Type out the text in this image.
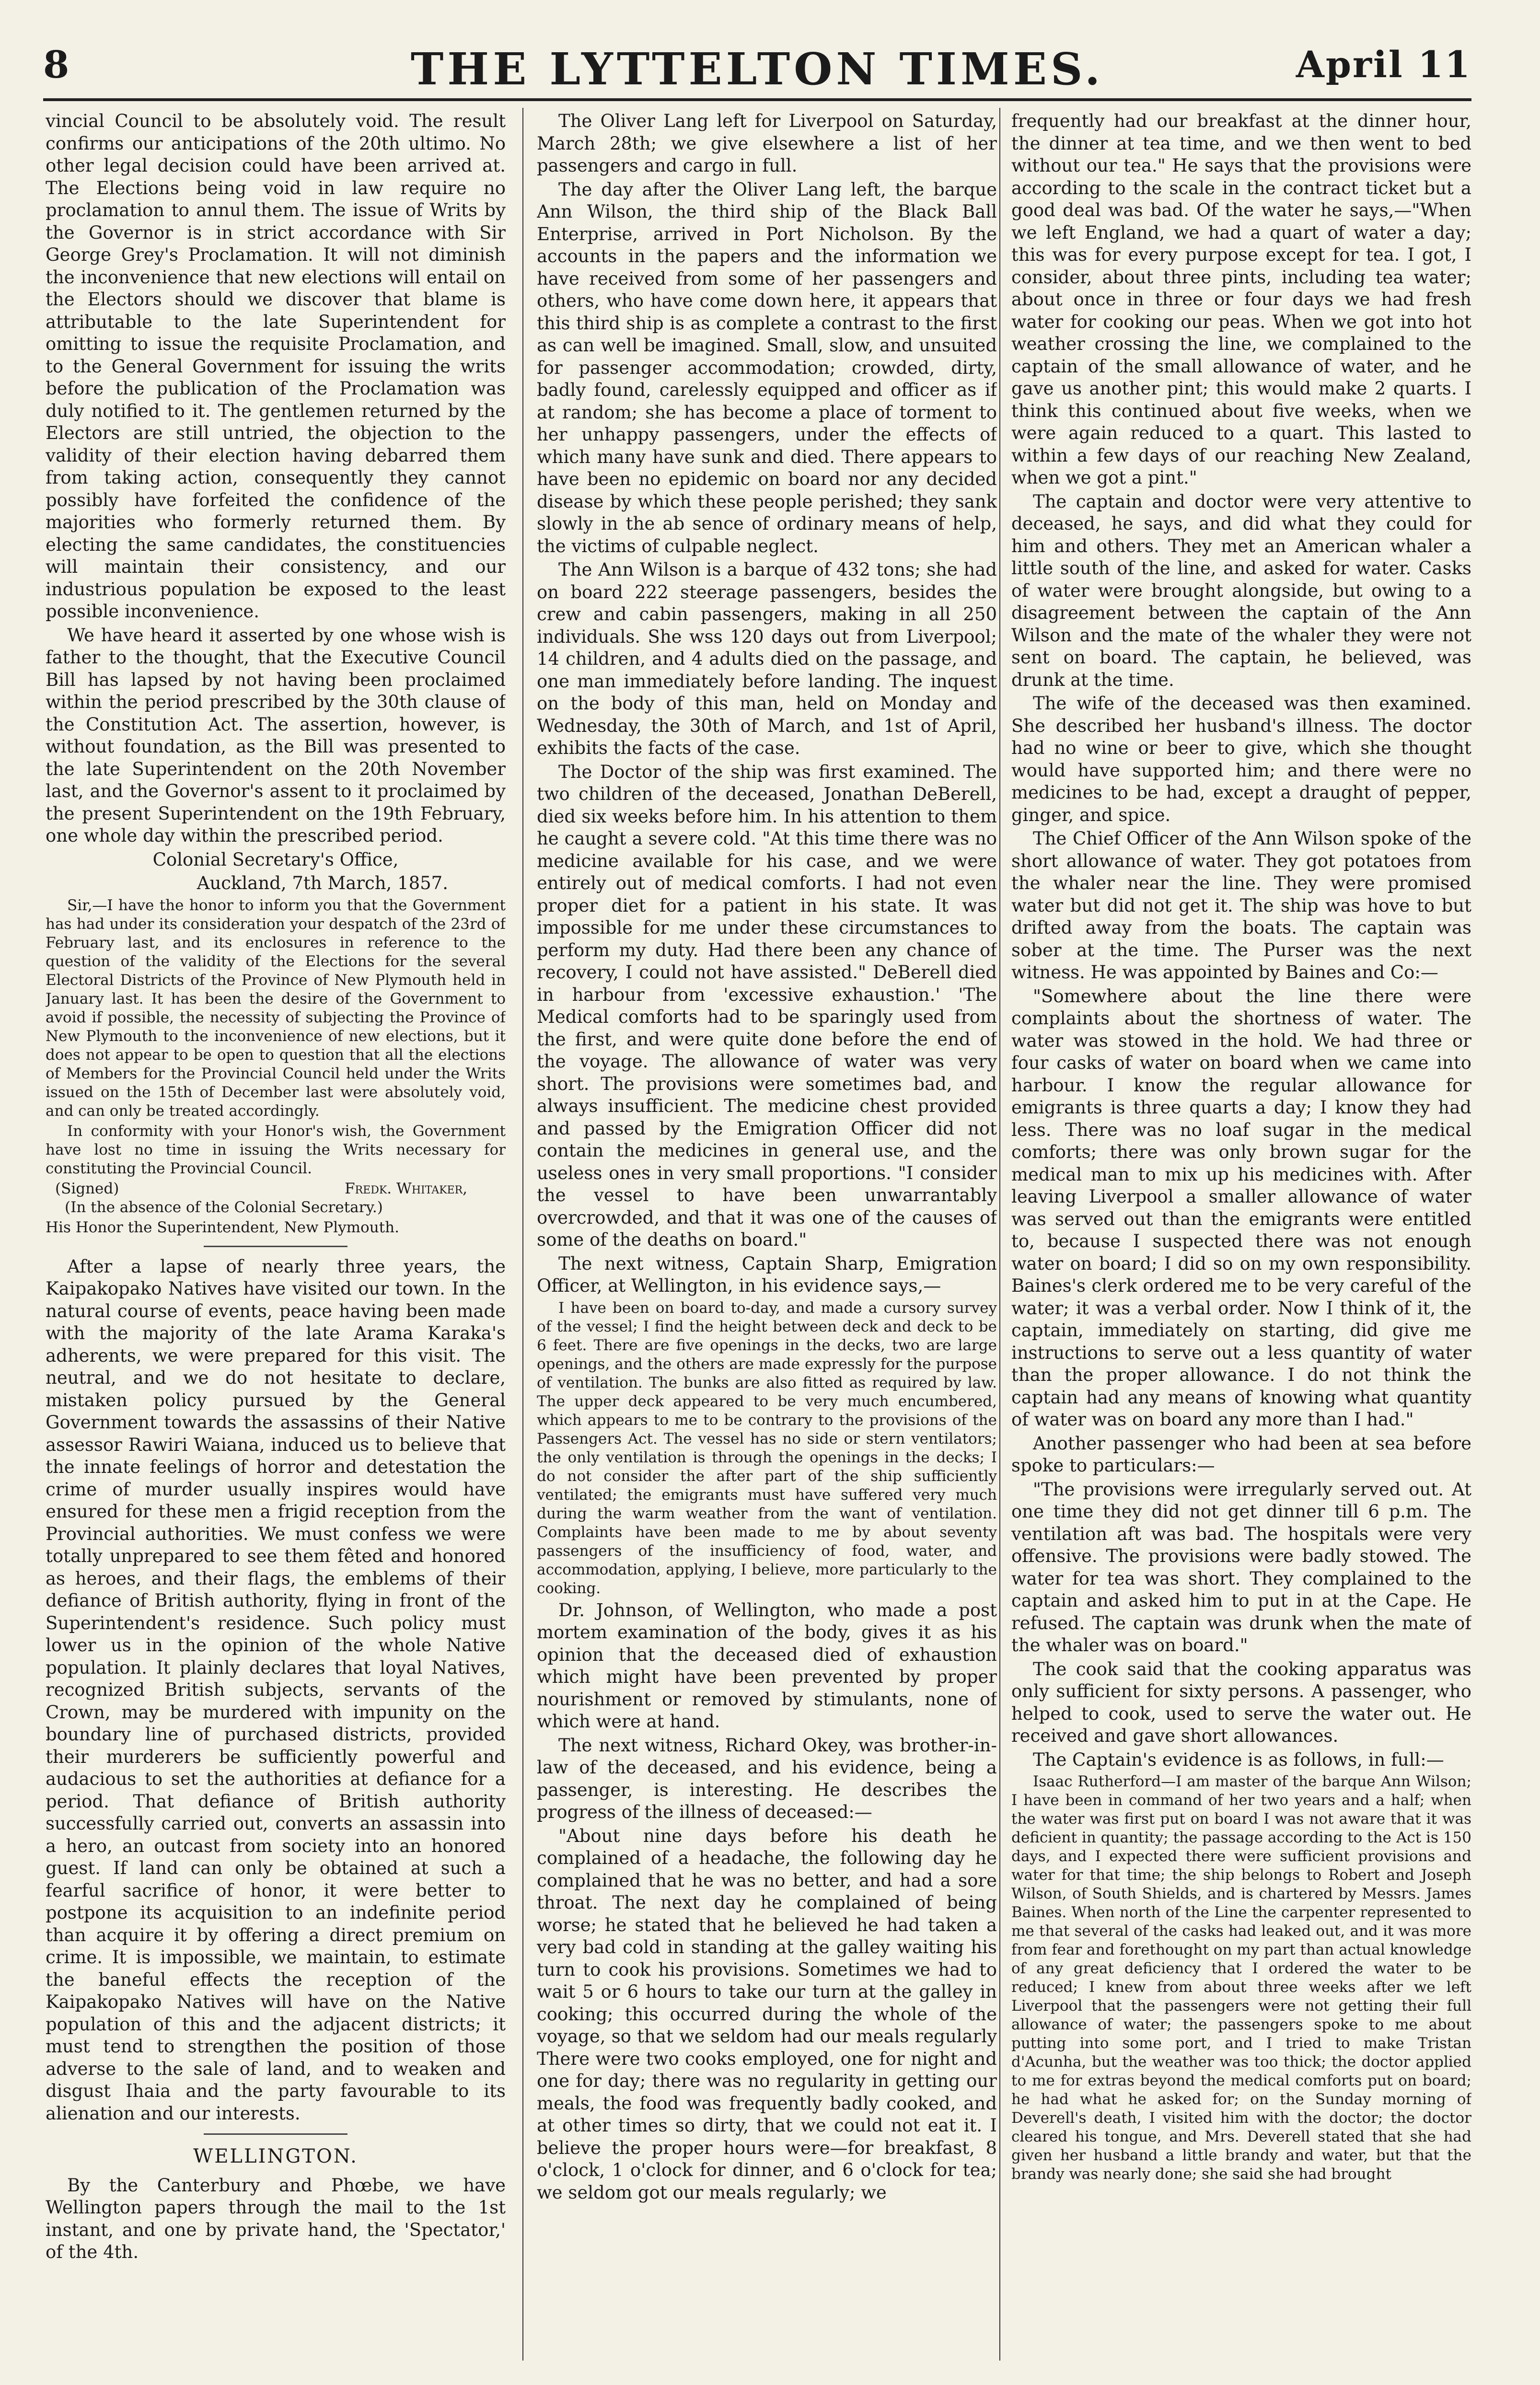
8	THE LYTTELTON TIMES.	April 11

vincial Council to be absolutely void. The result confirms our anticipations of the 20th ultimo. No other legal decision could have been arrived at. The Elections being void in law require no proclamation to annul them. The issue of Writs by the Governor is in strict accordance with Sir George Grey's Proclamation. It will not diminish the inconvenience that new elections will entail on the Electors should we discover that blame is attributable to the late Superintendent for omitting to issue the requisite Proclamation, and to the General Government for issuing the writs before the publication of the Proclamation was duly notified to it. The gentlemen returned by the Electors are still untried, the objection to the validity of their election having debarred them from taking action, consequently they cannot possibly have forfeited the confidence of the majorities who formerly returned them. By electing the same candidates, the constituencies will maintain their consistency, and our industrious population be exposed to the least possible inconvenience.

We have heard it asserted by one whose wish is father to the thought, that the Executive Council Bill has lapsed by not having been proclaimed within the period prescribed by the 30th clause of the Constitution Act. The assertion, however, is without foundation, as the Bill was presented to the late Superintendent on the 20th November last, and the Governor's assent to it proclaimed by the present Superintendent on the 19th February, one whole day within the prescribed period.

Colonial Secretary's Office,

Auckland, 7th March, 1857.

Sir,—I have the honor to inform you that the Government has had under its consideration your despatch of the 23rd of February last, and its enclosures in reference to the question of the validity of the Elections for the several Electoral Districts of the Province of New Plymouth held in January last. It has been the desire of the Government to avoid if possible, the necessity of subjecting the Province of New Plymouth to the inconvenience of new elections, but it does not appear to be open to question that all the elections of Members for the Provincial Council held under the Writs issued on the 15th of December last were absolutely void, and can only be treated accordingly.

In conformity with your Honor's wish, the Government have lost no time in issuing the Writs necessary for constituting the Provincial Council.

(Signed)	Fredk. Whitaker,

(In the absence of the Colonial Secretary.)

His Honor the Superintendent, New Plymouth.

After a lapse of nearly three years, the Kaipakopako Natives have visited our town. In the natural course of events, peace having been made with the majority of the late Arama Karaka's adherents, we were prepared for this visit. The neutral, and we do not hesitate to declare, mistaken policy pursued by the General Government towards the assassins of their Native assessor Rawiri Waiana, induced us to believe that the innate feelings of horror and detestation the crime of murder usually inspires would have ensured for these men a frigid reception from the Provincial authorities. We must confess we were totally unprepared to see them fêted and honored as heroes, and their flags, the emblems of their defiance of British authority, flying in front of the Superintendent's residence. Such policy must lower us in the opinion of the whole Native population. It plainly declares that loyal Natives, recognized British subjects, servants of the Crown, may be murdered with impunity on the boundary line of purchased districts, provided their murderers be sufficiently powerful and audacious to set the authorities at defiance for a period. That defiance of British authority successfully carried out, converts an assassin into a hero, an outcast from society into an honored guest. If land can only be obtained at such a fearful sacrifice of honor, it were better to postpone its acquisition to an indefinite period than acquire it by offering a direct premium on crime. It is impossible, we maintain, to estimate the baneful effects the reception of the Kaipakopako Natives will have on the Native population of this and the adjacent districts; it must tend to strengthen the position of those adverse to the sale of land, and to weaken and disgust Ihaia and the party favourable to its alienation and our interests.

WELLINGTON.

By the Canterbury and Phœbe, we have Wellington papers through the mail to the 1st instant, and one by private hand, the 'Spectator,' of the 4th.

The Oliver Lang left for Liverpool on Saturday, March 28th; we give elsewhere a list of her passengers and cargo in full.

The day after the Oliver Lang left, the barque Ann Wilson, the third ship of the Black Ball Enterprise, arrived in Port Nicholson. By the accounts in the papers and the information we have received from some of her passengers and others, who have come down here, it appears that this third ship is as complete a contrast to the first as can well be imagined. Small, slow, and unsuited for passenger accommodation; crowded, dirty, badly found, carelessly equipped and officer as if at random; she has become a place of torment to her unhappy passengers, under the effects of which many have sunk and died. There appears to have been no epidemic on board nor any decided disease by which these people perished; they sank slowly in the ab sence of ordinary means of help, the victims of culpable neglect.

The Ann Wilson is a barque of 432 tons; she had on board 222 steerage passengers, besides the crew and cabin passengers, making in all 250 individuals. She wss 120 days out from Liverpool; 14 children, and 4 adults died on the passage, and one man immediately before landing. The inquest on the body of this man, held on Monday and Wednesday, the 30th of March, and 1st of April, exhibits the facts of the case.

The Doctor of the ship was first examined. The two children of the deceased, Jonathan DeBerell, died six weeks before him. In his attention to them he caught a severe cold. "At this time there was no medicine available for his case, and we were entirely out of medical comforts. I had not even proper diet for a patient in his state. It was impossible for me under these circumstances to perform my duty. Had there been any chance of recovery, I could not have assisted." DeBerell died in harbour from 'excessive exhaustion.' 'The Medical comforts had to be sparingly used from the first, and were quite done before the end of the voyage. The allowance of water was very short. The provisions were sometimes bad, and always insufficient. The medicine chest provided and passed by the Emigration Officer did not contain the medicines in general use, and the useless ones in very small proportions. "I consider the vessel to have been unwarrantably overcrowded, and that it was one of the causes of some of the deaths on board."

The next witness, Captain Sharp, Emigration Officer, at Wellington, in his evidence says,—

I have been on board to-day, and made a cursory survey of the vessel; I find the height between deck and deck to be 6 feet. There are five openings in the decks, two are large openings, and the others are made expressly for the purpose of ventilation. The bunks are also fitted as required by law. The upper deck appeared to be very much encumbered, which appears to me to be contrary to the provisions of the Passengers Act. The vessel has no side or stern ventilators; the only ventilation is through the openings in the decks; I do not consider the after part of the ship sufficiently ventilated; the emigrants must have suffered very much during the warm weather from the want of ventilation. Complaints have been made to me by about seventy passengers of the insufficiency of food, water, and accommodation, applying, I believe, more particularly to the cooking.

Dr. Johnson, of Wellington, who made a post mortem examination of the body, gives it as his opinion that the deceased died of exhaustion which might have been prevented by proper nourishment or removed by stimulants, none of which were at hand.

The next witness, Richard Okey, was brother-in-law of the deceased, and his evidence, being a passenger, is interesting. He describes the progress of the illness of deceased:—

"About nine days before his death he complained of a headache, the following day he complained that he was no better, and had a sore throat. The next day he complained of being worse; he stated that he believed he had taken a very bad cold in standing at the galley waiting his turn to cook his provisions. Sometimes we had to wait 5 or 6 hours to take our turn at the galley in cooking; this occurred during the whole of the voyage, so that we seldom had our meals regularly There were two cooks employed, one for night and one for day; there was no regularity in getting our meals, the food was frequently badly cooked, and at other times so dirty, that we could not eat it. I believe the proper hours were—for breakfast, 8 o'clock, 1 o'clock for dinner, and 6 o'clock for tea; we seldom got our meals regularly; we

frequently had our breakfast at the dinner hour, the dinner at tea time, and we then went to bed without our tea." He says that the provisions were according to the scale in the contract ticket but a good deal was bad. Of the water he says,—"When we left England, we had a quart of water a day; this was for every purpose except for tea. I got, I consider, about three pints, including tea water; about once in three or four days we had fresh water for cooking our peas. When we got into hot weather crossing the line, we complained to the captain of the small allowance of water, and he gave us another pint; this would make 2 quarts. I think this continued about five weeks, when we were again reduced to a quart. This lasted to within a few days of our reaching New Zealand, when we got a pint."

The captain and doctor were very attentive to deceased, he says, and did what they could for him and others. They met an American whaler a little south of the line, and asked for water. Casks of water were brought alongside, but owing to a disagreement between the captain of the Ann Wilson and the mate of the whaler they were not sent on board. The captain, he believed, was drunk at the time.

The wife of the deceased was then examined. She described her husband's illness. The doctor had no wine or beer to give, which she thought would have supported him; and there were no medicines to be had, except a draught of pepper, ginger, and spice.

The Chief Officer of the Ann Wilson spoke of the short allowance of water. They got potatoes from the whaler near the line. They were promised water but did not get it. The ship was hove to but drifted away from the boats. The captain was sober at the time. The Purser was the next witness. He was appointed by Baines and Co:—

"Somewhere about the line there were complaints about the shortness of water. The water was stowed in the hold. We had three or four casks of water on board when we came into harbour. I know the regular allowance for emigrants is three quarts a day; I know they had less. There was no loaf sugar in the medical comforts; there was only brown sugar for the medical man to mix up his medicines with. After leaving Liverpool a smaller allowance of water was served out than the emigrants were entitled to, because I suspected there was not enough water on board; I did so on my own responsibility. Baines's clerk ordered me to be very careful of the water; it was a verbal order. Now I think of it, the captain, immediately on starting, did give me instructions to serve out a less quantity of water than the proper allowance. I do not think the captain had any means of knowing what quantity of water was on board any more than I had."

Another passenger who had been at sea before spoke to particulars:—

"The provisions were irregularly served out. At one time they did not get dinner till 6 p.m. The ventilation aft was bad. The hospitals were very offensive. The provisions were badly stowed. The water for tea was short. They complained to the captain and asked him to put in at the Cape. He refused. The captain was drunk when the mate of the whaler was on board."

The cook said that the cooking apparatus was only sufficient for sixty persons. A passenger, who helped to cook, used to serve the water out. He received and gave short allowances.

The Captain's evidence is as follows, in full:—

Isaac Rutherford—I am master of the barque Ann Wilson; I have been in command of her two years and a half; when the water was first put on board I was not aware that it was deficient in quantity; the passage according to the Act is 150 days, and I expected there were sufficient provisions and water for that time; the ship belongs to Robert and Joseph Wilson, of South Shields, and is chartered by Messrs. James Baines. When north of the Line the carpenter represented to me that several of the casks had leaked out, and it was more from fear and forethought on my part than actual knowledge of any great deficiency that I ordered the water to be reduced; I knew from about three weeks after we left Liverpool that the passengers were not getting their full allowance of water; the passengers spoke to me about putting into some port, and I tried to make Tristan d'Acunha, but the weather was too thick; the doctor applied to me for extras beyond the medical comforts put on board; he had what he asked for; on the Sunday morning of Deverell's death, I visited him with the doctor; the doctor cleared his tongue, and Mrs. Deverell stated that she had given her husband a little brandy and water, but that the brandy was nearly done; she said she had brought
